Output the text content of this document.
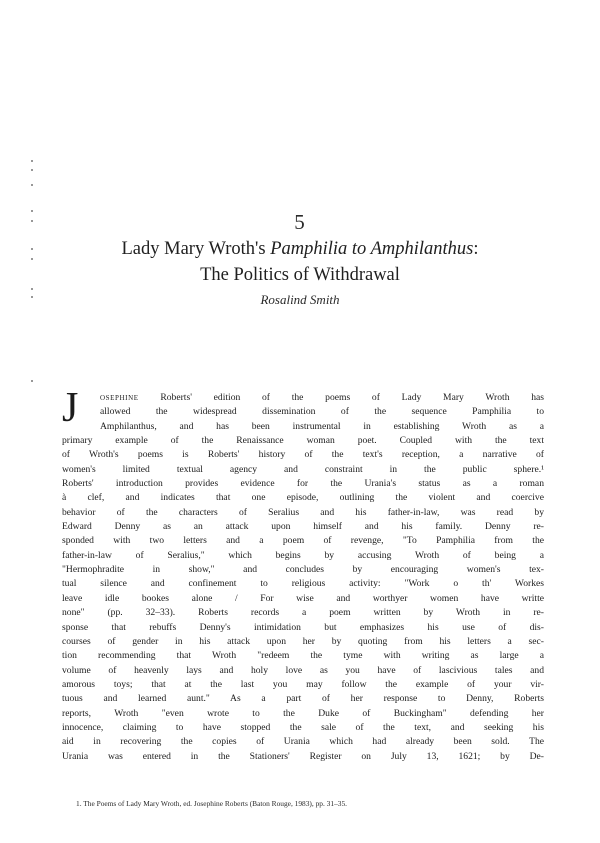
5
Lady Mary Wroth's Pamphilia to Amphilanthus:
The Politics of Withdrawal
Rosalind Smith
J	osephine Roberts' edition of the poems of Lady Mary Wroth has
allowed the widespread dissemination of the sequence Pamphilia to
Amphilanthus, and has been instrumental in establishing Wroth as a
primary example of the Renaissance woman poet. Coupled with the text
of Wroth's poems is Roberts' history of the text's reception, a narrative of
women's limited textual agency and constraint in the public sphere.¹
Roberts' introduction provides evidence for the Urania's status as a roman
à clef, and indicates that one episode, outlining the violent and coercive
behavior of the characters of Seralius and his father-in-law, was read by
Edward Denny as an attack upon himself and his family. Denny re-
sponded with two letters and a poem of revenge, "To Pamphilia from the
father-in-law of Seralius," which begins by accusing Wroth of being a
"Hermophradite in show," and concludes by encouraging women's tex-
tual silence and confinement to religious activity: "Work o th' Workes
leave idle bookes alone / For wise and worthyer women have writte
none" (pp. 32–33). Roberts records a poem written by Wroth in re-
sponse that rebuffs Denny's intimidation but emphasizes his use of dis-
courses of gender in his attack upon her by quoting from his letters a sec-
tion recommending that Wroth "redeem the tyme with writing as large a
volume of heavenly lays and holy love as you have of lascivious tales and
amorous toys; that at the last you may follow the example of your vir-
tuous and learned aunt." As a part of her response to Denny, Roberts
reports, Wroth "even wrote to the Duke of Buckingham" defending her
innocence, claiming to have stopped the sale of the text, and seeking his
aid in recovering the copies of Urania which had already been sold. The
Urania was entered in the Stationers' Register on July 13, 1621; by De-
1. The Poems of Lady Mary Wroth, ed. Josephine Roberts (Baton Rouge, 1983), pp. 31–35.
